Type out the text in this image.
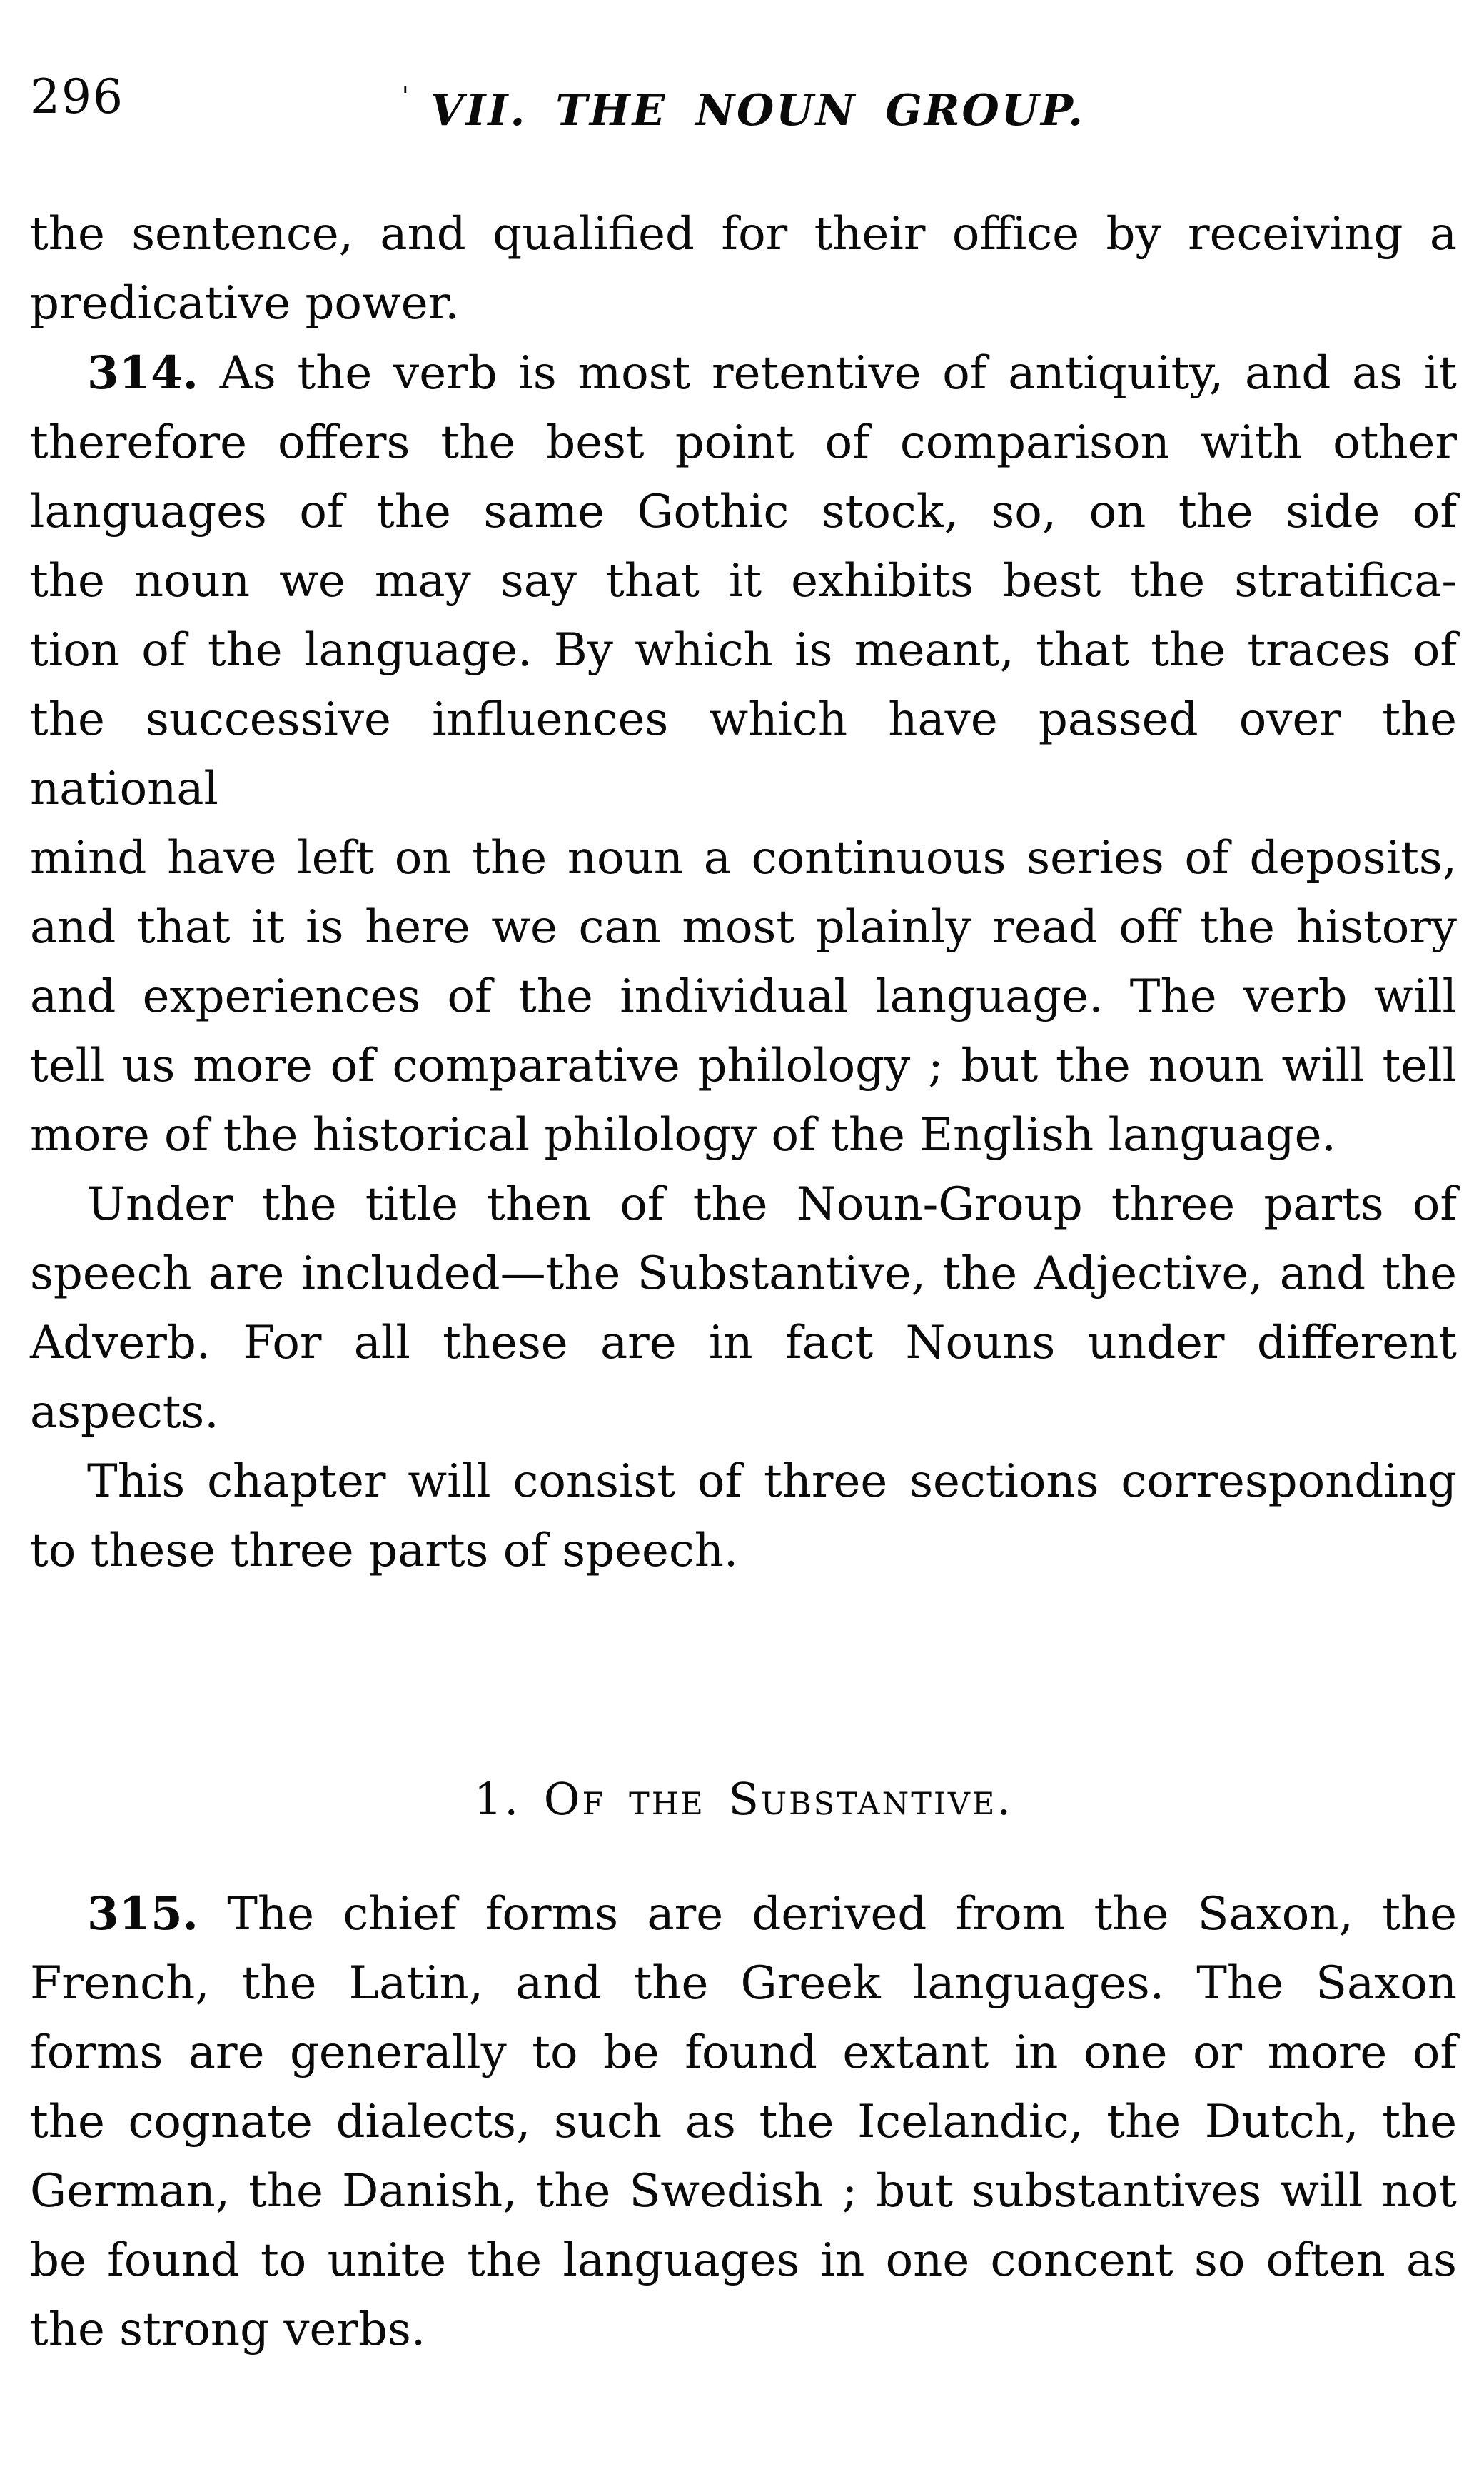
296	' VII. THE NOUN GROUP.
the sentence, and qualified for their office by receiving a
predicative power.
314. As the verb is most retentive of antiquity, and as it
therefore offers the best point of comparison with other
languages of the same Gothic stock, so, on the side of
the noun we may say that it exhibits best the stratifica-
tion of the language. By which is meant, that the traces of
the successive influences which have passed over the national
mind have left on the noun a continuous series of deposits,
and that it is here we can most plainly read off the history
and experiences of the individual language. The verb will
tell us more of comparative philology ; but the noun will tell
more of the historical philology of the English language.
Under the title then of the Noun-Group three parts of
speech are included—the Substantive, the Adjective, and the
Adverb. For all these are in fact Nouns under different
aspects.
This chapter will consist of three sections corresponding
to these three parts of speech.
1. Of the Substantive.
315. The chief forms are derived from the Saxon, the
French, the Latin, and the Greek languages. The Saxon
forms are generally to be found extant in one or more of
the cognate dialects, such as the Icelandic, the Dutch, the
German, the Danish, the Swedish ; but substantives will not
be found to unite the languages in one concent so often as
the strong verbs.
